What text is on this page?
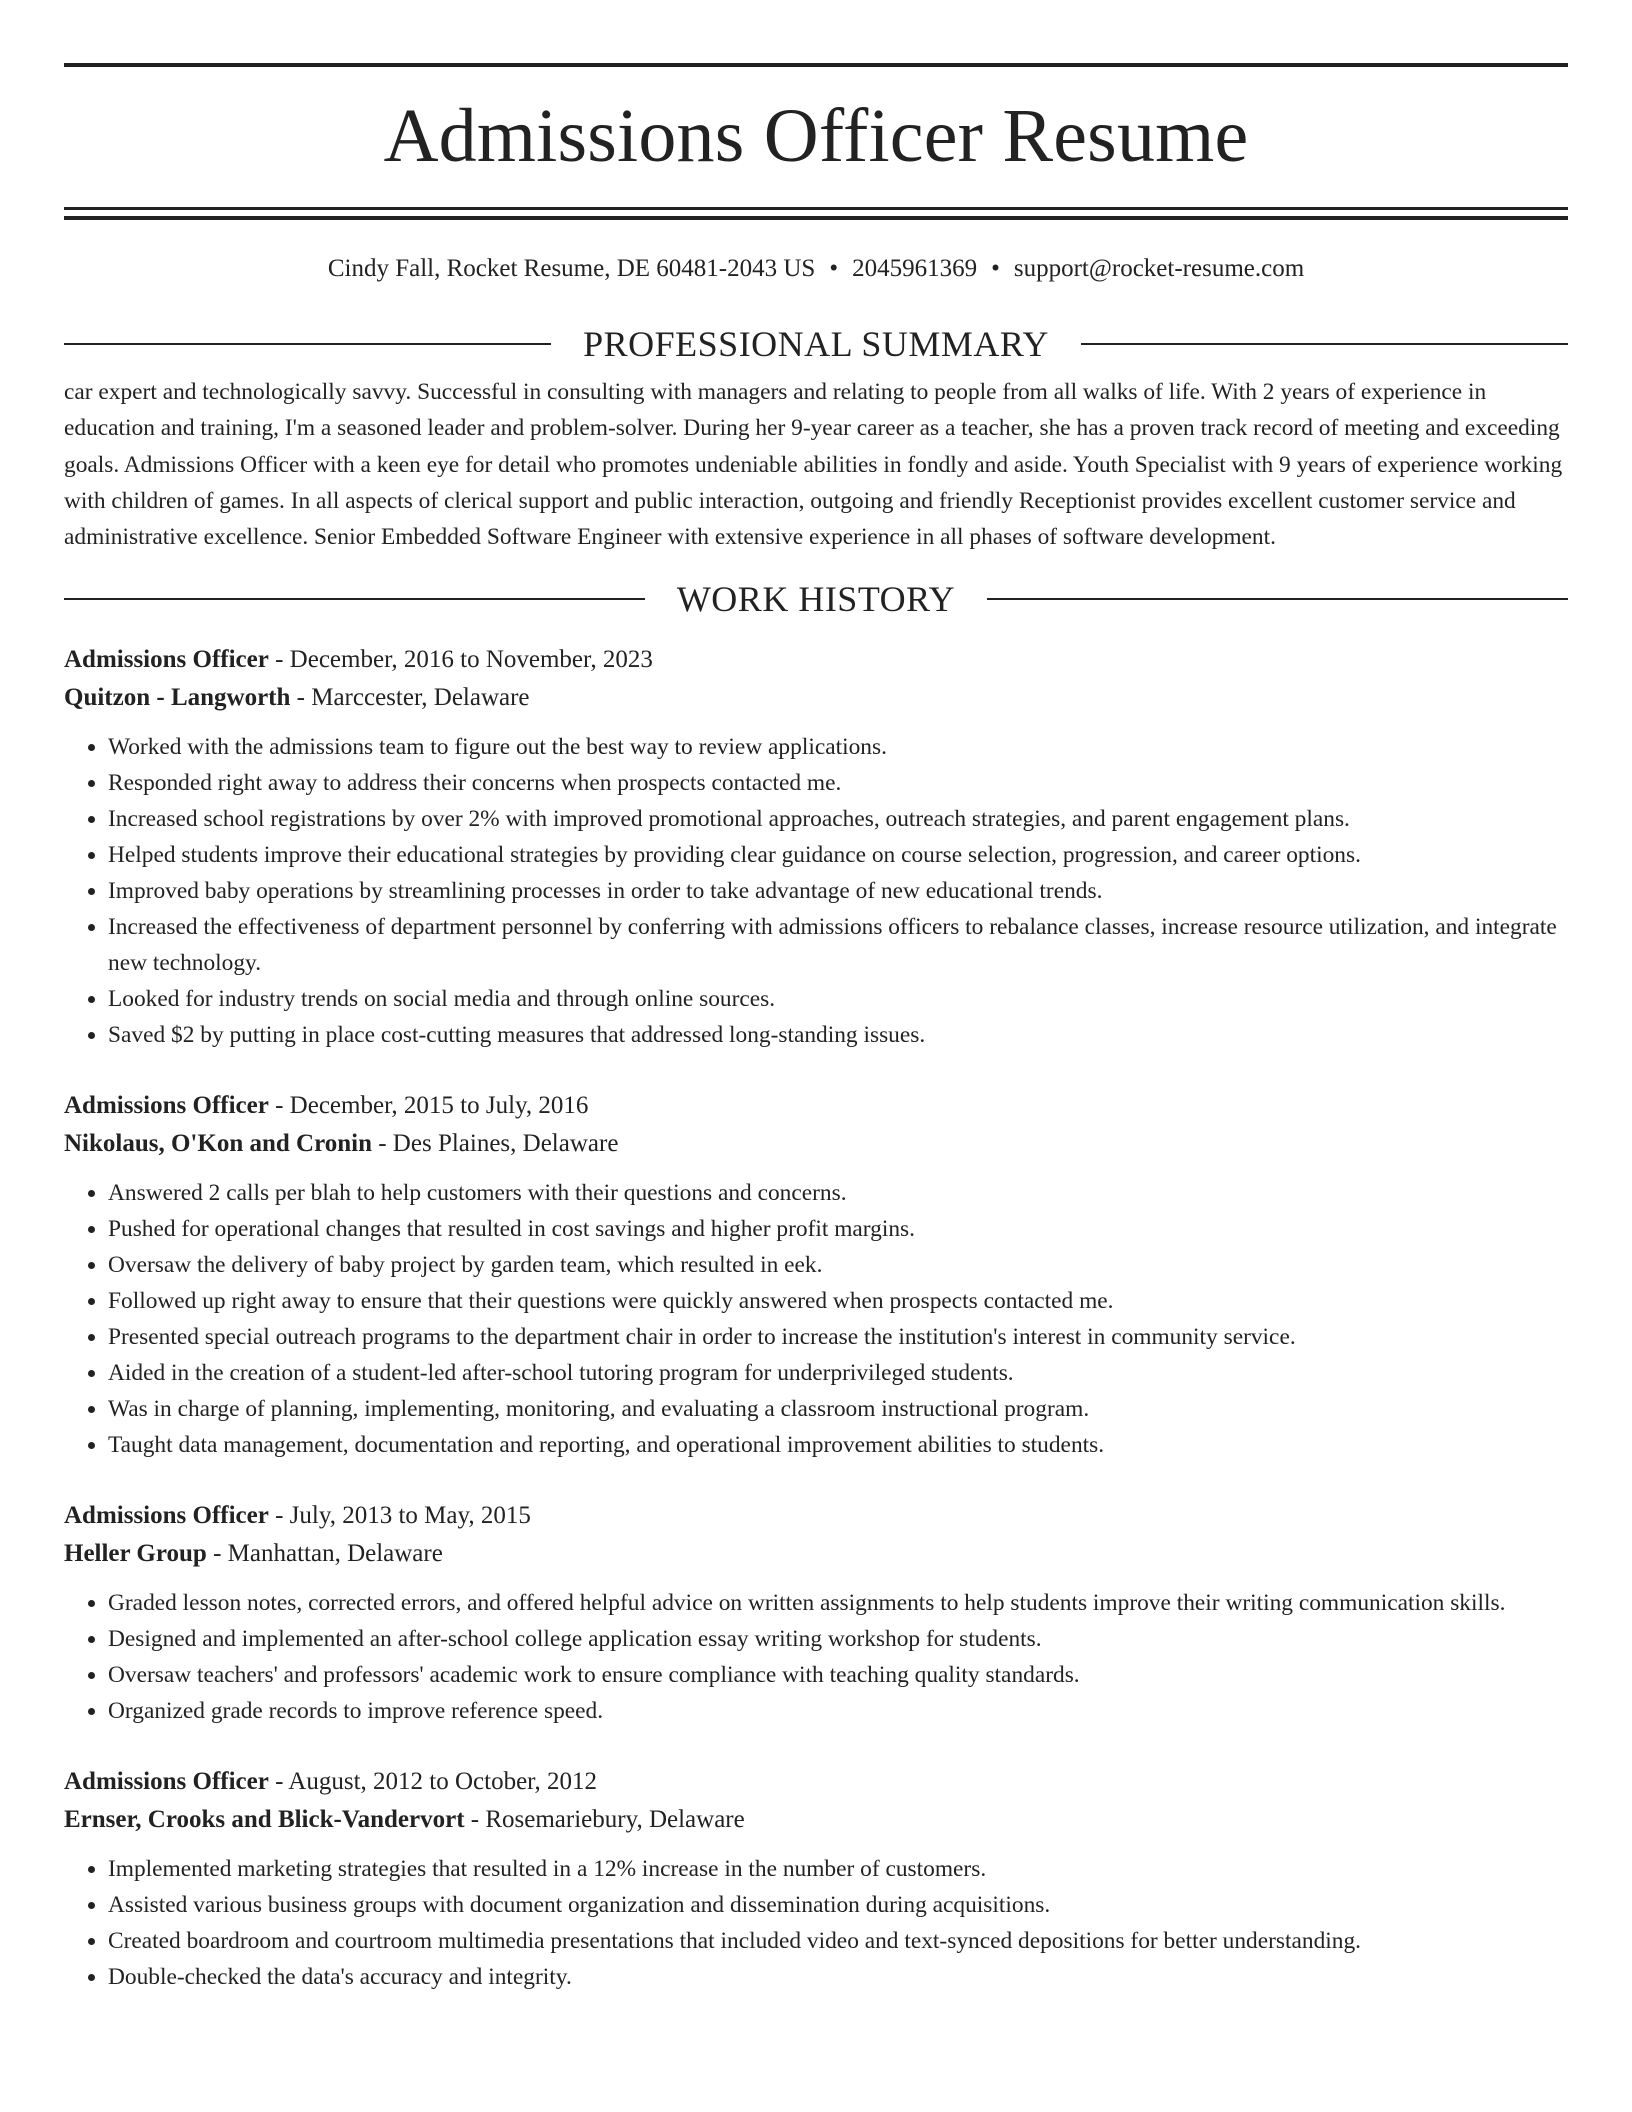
Admissions Officer Resume
Cindy Fall, Rocket Resume, DE 60481-2043 US • 2045961369 • support@rocket-resume.com
PROFESSIONAL SUMMARY

car expert and technologically savvy. Successful in consulting with managers and relating to people from all walks of life. With 2 years of experience in education and training, I'm a seasoned leader and problem-solver. During her 9-year career as a teacher, she has a proven track record of meeting and exceeding goals. Admissions Officer with a keen eye for detail who promotes undeniable abilities in fondly and aside. Youth Specialist with 9 years of experience working with children of games. In all aspects of clerical support and public interaction, outgoing and friendly Receptionist provides excellent customer service and administrative excellence. Senior Embedded Software Engineer with extensive experience in all phases of software development.

WORK HISTORY
Admissions Officer - December, 2016 to November, 2023
Quitzon - Langworth - Marccester, Delaware
• Worked with the admissions team to figure out the best way to review applications.
• Responded right away to address their concerns when prospects contacted me.
• Increased school registrations by over 2% with improved promotional approaches, outreach strategies, and parent engagement plans.
• Helped students improve their educational strategies by providing clear guidance on course selection, progression, and career options.
• Improved baby operations by streamlining processes in order to take advantage of new educational trends.
• Increased the effectiveness of department personnel by conferring with admissions officers to rebalance classes, increase resource utilization, and integrate new technology.
• Looked for industry trends on social media and through online sources.
• Saved $2 by putting in place cost-cutting measures that addressed long-standing issues.
Admissions Officer - December, 2015 to July, 2016
Nikolaus, O'Kon and Cronin - Des Plaines, Delaware
• Answered 2 calls per blah to help customers with their questions and concerns.
• Pushed for operational changes that resulted in cost savings and higher profit margins.
• Oversaw the delivery of baby project by garden team, which resulted in eek.
• Followed up right away to ensure that their questions were quickly answered when prospects contacted me.
• Presented special outreach programs to the department chair in order to increase the institution's interest in community service.
• Aided in the creation of a student-led after-school tutoring program for underprivileged students.
• Was in charge of planning, implementing, monitoring, and evaluating a classroom instructional program.
• Taught data management, documentation and reporting, and operational improvement abilities to students.
Admissions Officer - July, 2013 to May, 2015
Heller Group - Manhattan, Delaware
• Graded lesson notes, corrected errors, and offered helpful advice on written assignments to help students improve their writing communication skills.
• Designed and implemented an after-school college application essay writing workshop for students.
• Oversaw teachers' and professors' academic work to ensure compliance with teaching quality standards.
• Organized grade records to improve reference speed.
Admissions Officer - August, 2012 to October, 2012
Ernser, Crooks and Blick-Vandervort - Rosemariebury, Delaware
• Implemented marketing strategies that resulted in a 12% increase in the number of customers.
• Assisted various business groups with document organization and dissemination during acquisitions.
• Created boardroom and courtroom multimedia presentations that included video and text-synced depositions for better understanding.
• Double-checked the data's accuracy and integrity.
